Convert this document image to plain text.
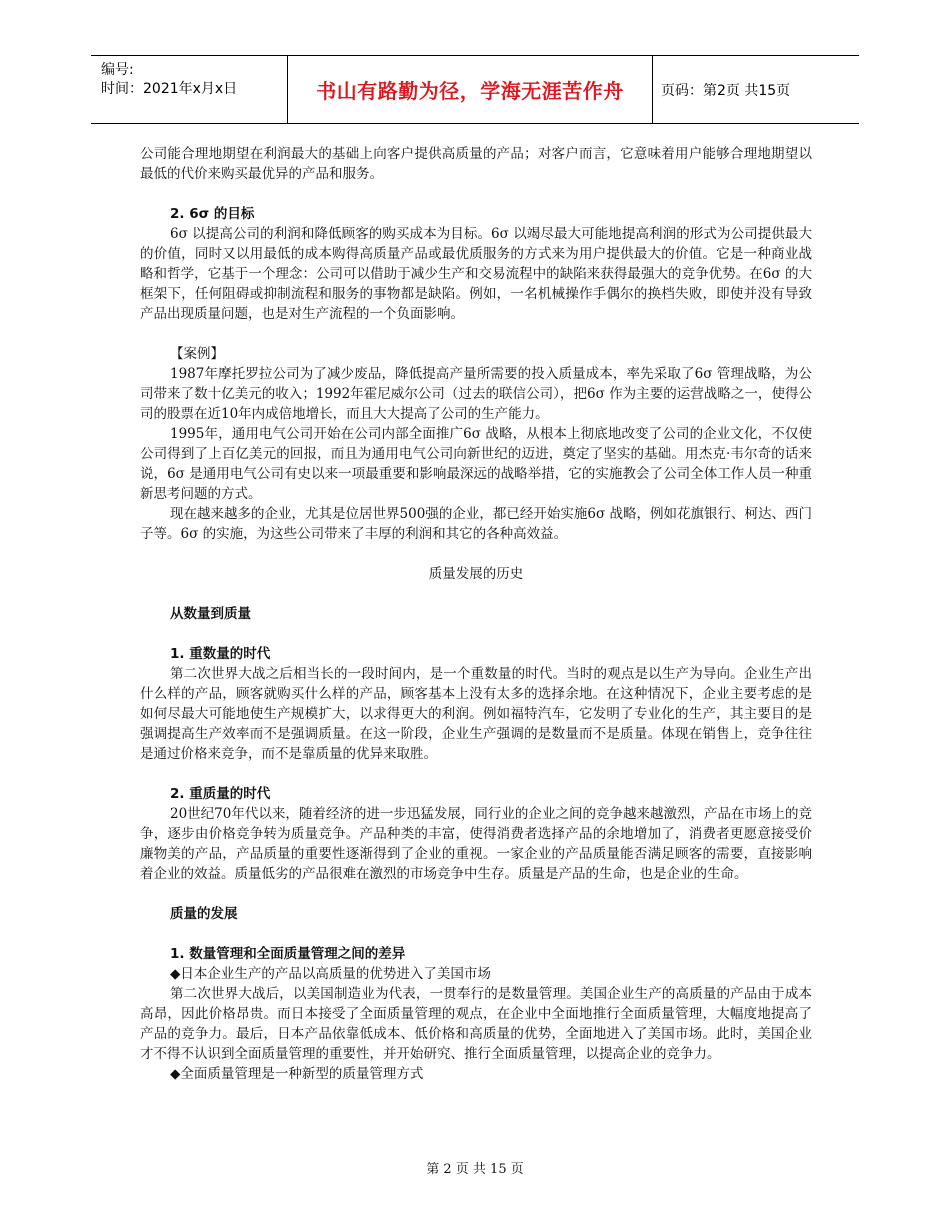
编号:
时间：2021年x月x日	书山有路勤为径，学海无涯苦作舟	页码：第2页 共15页

公司能合理地期望在利润最大的基础上向客户提供高质量的产品；对客户而言，它意味着用户能够合理地期望以最低的代价来购买最优异的产品和服务。

2. 6σ 的目标

6σ 以提高公司的利润和降低顾客的购买成本为目标。6σ 以竭尽最大可能地提高利润的形式为公司提供最大的价值，同时又以用最低的成本购得高质量产品或最优质服务的方式来为用户提供最大的价值。它是一种商业战略和哲学，它基于一个理念：公司可以借助于减少生产和交易流程中的缺陷来获得最强大的竞争优势。在6σ 的大框架下，任何阻碍或抑制流程和服务的事物都是缺陷。例如，一名机械操作手偶尔的换档失败，即使并没有导致产品出现质量问题，也是对生产流程的一个负面影响。

【案例】

1987年摩托罗拉公司为了减少废品，降低提高产量所需要的投入质量成本，率先采取了6σ 管理战略，为公司带来了数十亿美元的收入；1992年霍尼威尔公司（过去的联信公司），把6σ 作为主要的运营战略之一，使得公司的股票在近10年内成倍地增长，而且大大提高了公司的生产能力。

1995年，通用电气公司开始在公司内部全面推广6σ 战略，从根本上彻底地改变了公司的企业文化，不仅使公司得到了上百亿美元的回报，而且为通用电气公司向新世纪的迈进，奠定了坚实的基础。用杰克·韦尔奇的话来说，6σ 是通用电气公司有史以来一项最重要和影响最深远的战略举措，它的实施教会了公司全体工作人员一种重新思考问题的方式。

现在越来越多的企业，尤其是位居世界500强的企业，都已经开始实施6σ 战略，例如花旗银行、柯达、西门子等。6σ 的实施，为这些公司带来了丰厚的利润和其它的各种高效益。

质量发展的历史

从数量到质量

1. 重数量的时代

第二次世界大战之后相当长的一段时间内，是一个重数量的时代。当时的观点是以生产为导向。企业生产出什么样的产品，顾客就购买什么样的产品，顾客基本上没有太多的选择余地。在这种情况下，企业主要考虑的是如何尽最大可能地使生产规模扩大，以求得更大的利润。例如福特汽车，它发明了专业化的生产，其主要目的是强调提高生产效率而不是强调质量。在这一阶段，企业生产强调的是数量而不是质量。体现在销售上，竞争往往是通过价格来竞争，而不是靠质量的优异来取胜。

2. 重质量的时代

20世纪70年代以来，随着经济的进一步迅猛发展，同行业的企业之间的竞争越来越激烈，产品在市场上的竞争，逐步由价格竞争转为质量竞争。产品种类的丰富，使得消费者选择产品的余地增加了，消费者更愿意接受价廉物美的产品，产品质量的重要性逐渐得到了企业的重视。一家企业的产品质量能否满足顾客的需要，直接影响着企业的效益。质量低劣的产品很难在激烈的市场竞争中生存。质量是产品的生命，也是企业的生命。

质量的发展

1. 数量管理和全面质量管理之间的差异

◆日本企业生产的产品以高质量的优势进入了美国市场

第二次世界大战后，以美国制造业为代表，一贯奉行的是数量管理。美国企业生产的高质量的产品由于成本高昂，因此价格昂贵。而日本接受了全面质量管理的观点，在企业中全面地推行全面质量管理，大幅度地提高了产品的竞争力。最后，日本产品依靠低成本、低价格和高质量的优势，全面地进入了美国市场。此时，美国企业才不得不认识到全面质量管理的重要性，并开始研究、推行全面质量管理，以提高企业的竞争力。

◆全面质量管理是一种新型的质量管理方式

第 2 页 共 15 页
